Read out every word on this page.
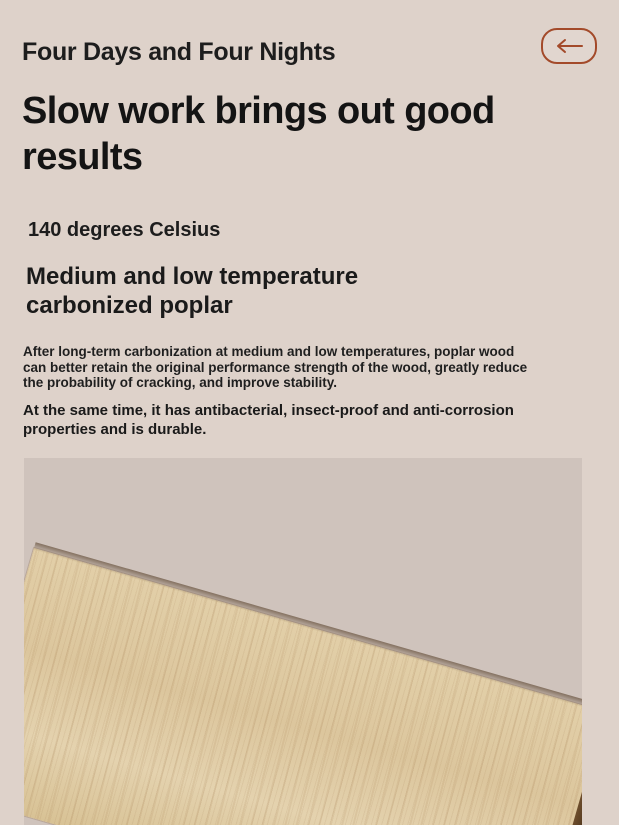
Four Days and Four Nights
Slow work brings out good results
140 degrees Celsius
Medium and low temperature carbonized poplar
After long-term carbonization at medium and low temperatures, poplar wood can better retain the original performance strength of the wood, greatly reduce the probability of cracking, and improve stability.
At the same time, it has antibacterial, insect-proof and anti-corrosion properties and is durable.
